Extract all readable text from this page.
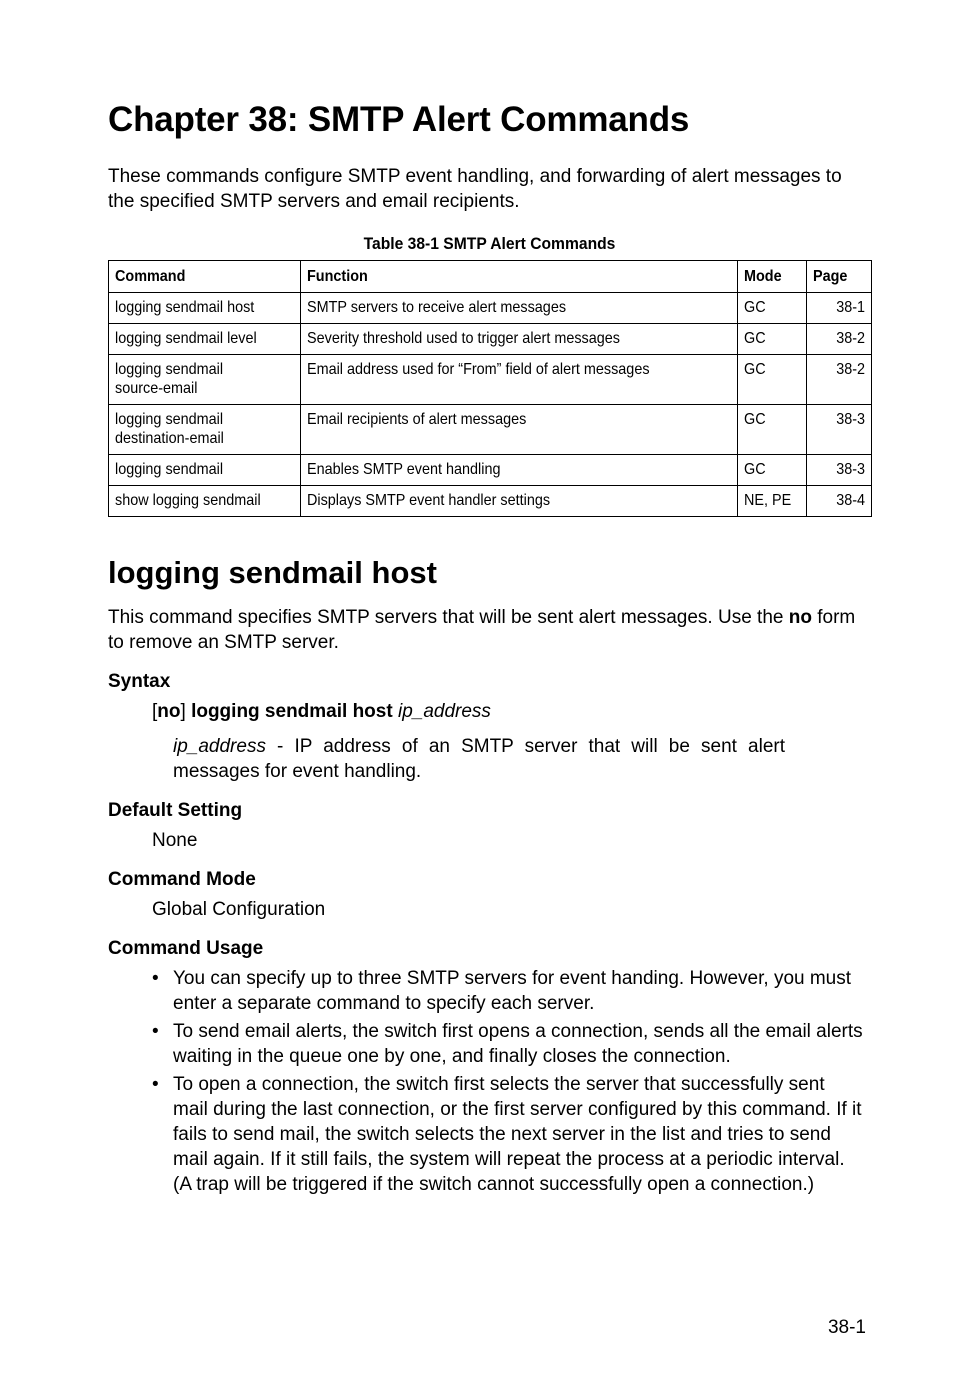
Chapter 38: SMTP Alert Commands

These commands configure SMTP event handling, and forwarding of alert messages to the specified SMTP servers and email recipients.

Table 38-1 SMTP Alert Commands
Command	Function	Mode	Page
logging sendmail host	SMTP servers to receive alert messages	GC	38-1
logging sendmail level	Severity threshold used to trigger alert messages	GC	38-2

logging sendmail
source-email	Email address used for “From” field of alert messages	GC	38-2

logging sendmail
destination-email	Email recipients of alert messages	GC	38-3
logging sendmail	Enables SMTP event handling	GC	38-3
show logging sendmail	Displays SMTP event handler settings	NE, PE	38-4
logging sendmail host

This command specifies SMTP servers that will be sent alert messages. Use the no form to remove an SMTP server.

Syntax
[no] logging sendmail host ip_address
ip_address - IP address of an SMTP server that will be sent alert messages for event handling.
Default Setting
None
Command Mode
Global Configuration
Command Usage
• You can specify up to three SMTP servers for event handing. However, you must enter a separate command to specify each server.
• To send email alerts, the switch first opens a connection, sends all the email alerts waiting in the queue one by one, and finally closes the connection.
• To open a connection, the switch first selects the server that successfully sent mail during the last connection, or the first server configured by this command. If it fails to send mail, the switch selects the next server in the list and tries to send mail again. If it still fails, the system will repeat the process at a periodic interval. (A trap will be triggered if the switch cannot successfully open a connection.)
38-1
